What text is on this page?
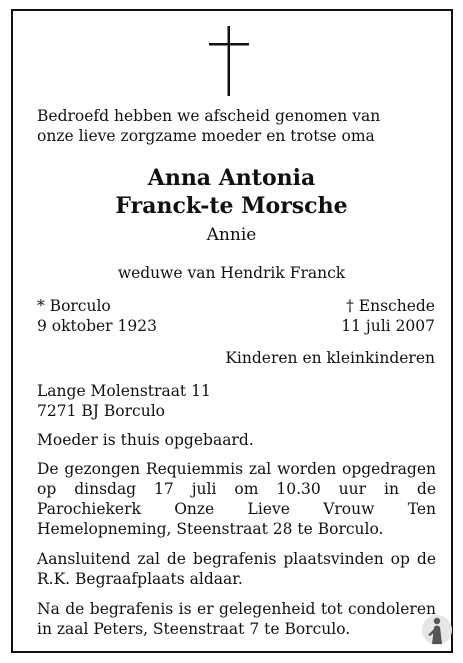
Bedroefd hebben we afscheid genomen van
onze lieve zorgzame moeder en trotse oma
Anna Antonia
Franck-te Morsche
Annie
weduwe van Hendrik Franck
* Borculo
9 oktober 1923
† Enschede
11 juli 2007
Kinderen en kleinkinderen
Lange Molenstraat 11
7271 BJ Borculo
Moeder is thuis opgebaard.
De gezongen Requiemmis zal worden opgedragen op dinsdag 17 juli om 10.30 uur in de Parochiekerk Onze Lieve Vrouw Ten Hemelopneming, Steenstraat 28 te Borculo.
Aansluitend zal de begrafenis plaatsvinden op de R.K. Begraafplaats aldaar.
Na de begrafenis is er gelegenheid tot condoleren in zaal Peters, Steenstraat 7 te Borculo.
